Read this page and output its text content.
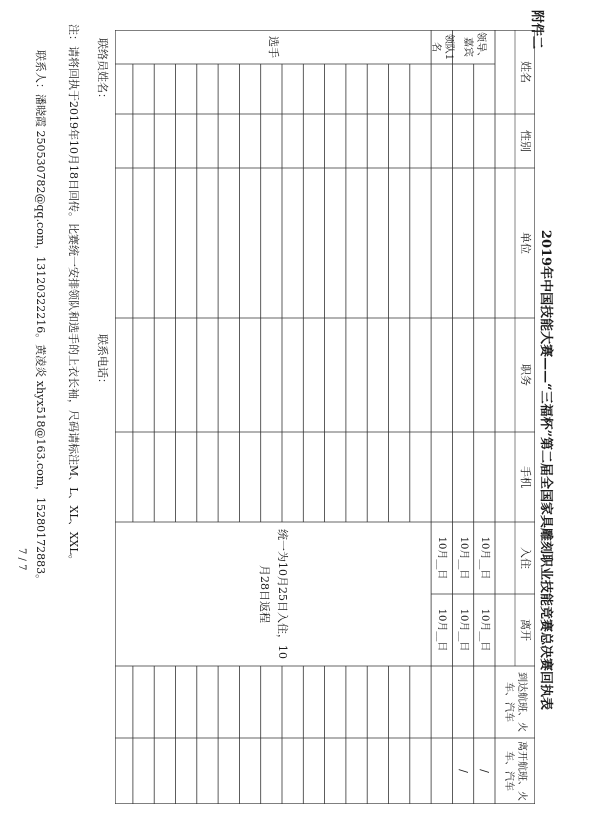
附件二
2019年中国技能大赛——“三福杯”第二届全国家具雕刻职业技能竞赛总决赛回执表
姓名
性别
单位
职务
手机
入住
离开
到达航班、火车、汽车
离开航班、火车、汽车
领导、嘉宾
领队1名
选手
10月__日
10月__日
10月__日
10月__日
10月__日
10月__日
统一为10月25日入住，10月28日返程
/
/
联络员姓名：
联系电话：
注：请将回执于2019年10月18日回传。比赛统一安排领队和选手的上衣长袖，尺码请标注M、L、XL、XXL。
联系人：潘晓霞 250530782@qq.com，13120322216。黄凌炎 xhyx518@163.com，15280172883。
7 / 7
